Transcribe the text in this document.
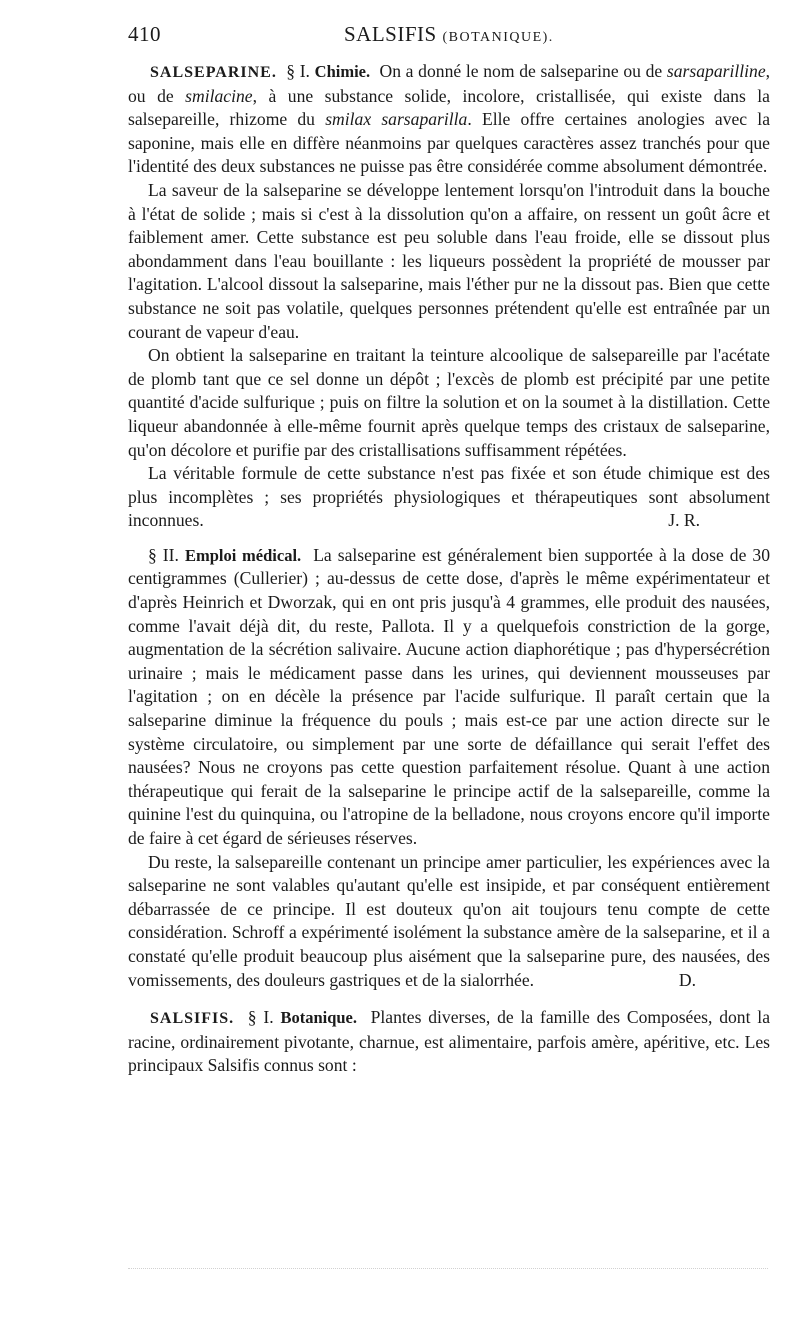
410	SALSIFIS (BOTANIQUE).

SALSEPARINE. § I. Chimie. On a donné le nom de salseparine ou de sarsaparilline, ou de smilacine, à une substance solide, incolore, cristallisée, qui existe dans la salsepareille, rhizome du smilax sarsaparilla. Elle offre certaines anologies avec la saponine, mais elle en diffère néanmoins par quelques caractères assez tranchés pour que l'identité des deux substances ne puisse pas être considérée comme absolument démontrée.

La saveur de la salseparine se développe lentement lorsqu'on l'introduit dans la bouche à l'état de solide ; mais si c'est à la dissolution qu'on a affaire, on ressent un goût âcre et faiblement amer. Cette substance est peu soluble dans l'eau froide, elle se dissout plus abondamment dans l'eau bouillante : les liqueurs possèdent la propriété de mousser par l'agitation. L'alcool dissout la salseparine, mais l'éther pur ne la dissout pas. Bien que cette substance ne soit pas volatile, quelques personnes prétendent qu'elle est entraînée par un courant de vapeur d'eau.

On obtient la salseparine en traitant la teinture alcoolique de salsepareille par l'acétate de plomb tant que ce sel donne un dépôt ; l'excès de plomb est précipité par une petite quantité d'acide sulfurique ; puis on filtre la solution et on la soumet à la distillation. Cette liqueur abandonnée à elle-même fournit après quelque temps des cristaux de salseparine, qu'on décolore et purifie par des cristallisations suffisamment répétées.

La véritable formule de cette substance n'est pas fixée et son étude chimique est des plus incomplètes ; ses propriétés physiologiques et thérapeutiques sont absolument inconnues.	J. R.

§ II. Emploi médical. La salseparine est généralement bien supportée à la dose de 30 centigrammes (Cullerier) ; au-dessus de cette dose, d'après le même expérimentateur et d'après Heinrich et Dworzak, qui en ont pris jusqu'à 4 grammes, elle produit des nausées, comme l'avait déjà dit, du reste, Pallota. Il y a quelquefois constriction de la gorge, augmentation de la sécrétion salivaire. Aucune action diaphorétique ; pas d'hypersécrétion urinaire ; mais le médicament passe dans les urines, qui deviennent mousseuses par l'agitation ; on en décèle la présence par l'acide sulfurique. Il paraît certain que la salseparine diminue la fréquence du pouls ; mais est-ce par une action directe sur le système circulatoire, ou simplement par une sorte de défaillance qui serait l'effet des nausées? Nous ne croyons pas cette question parfaitement résolue. Quant à une action thérapeutique qui ferait de la salseparine le principe actif de la salsepareille, comme la quinine l'est du quinquina, ou l'atropine de la belladone, nous croyons encore qu'il importe de faire à cet égard de sérieuses réserves.

Du reste, la salsepareille contenant un principe amer particulier, les expériences avec la salseparine ne sont valables qu'autant qu'elle est insipide, et par conséquent entièrement débarrassée de ce principe. Il est douteux qu'on ait toujours tenu compte de cette considération. Schroff a expérimenté isolément la substance amère de la salseparine, et il a constaté qu'elle produit beaucoup plus aisément que la salseparine pure, des nausées, des vomissements, des douleurs gastriques et de la sialorrhée.	D.

SALSIFIS. § I. Botanique. Plantes diverses, de la famille des Composées, dont la racine, ordinairement pivotante, charnue, est alimentaire, parfois amère, apéritive, etc. Les principaux Salsifis connus sont :
